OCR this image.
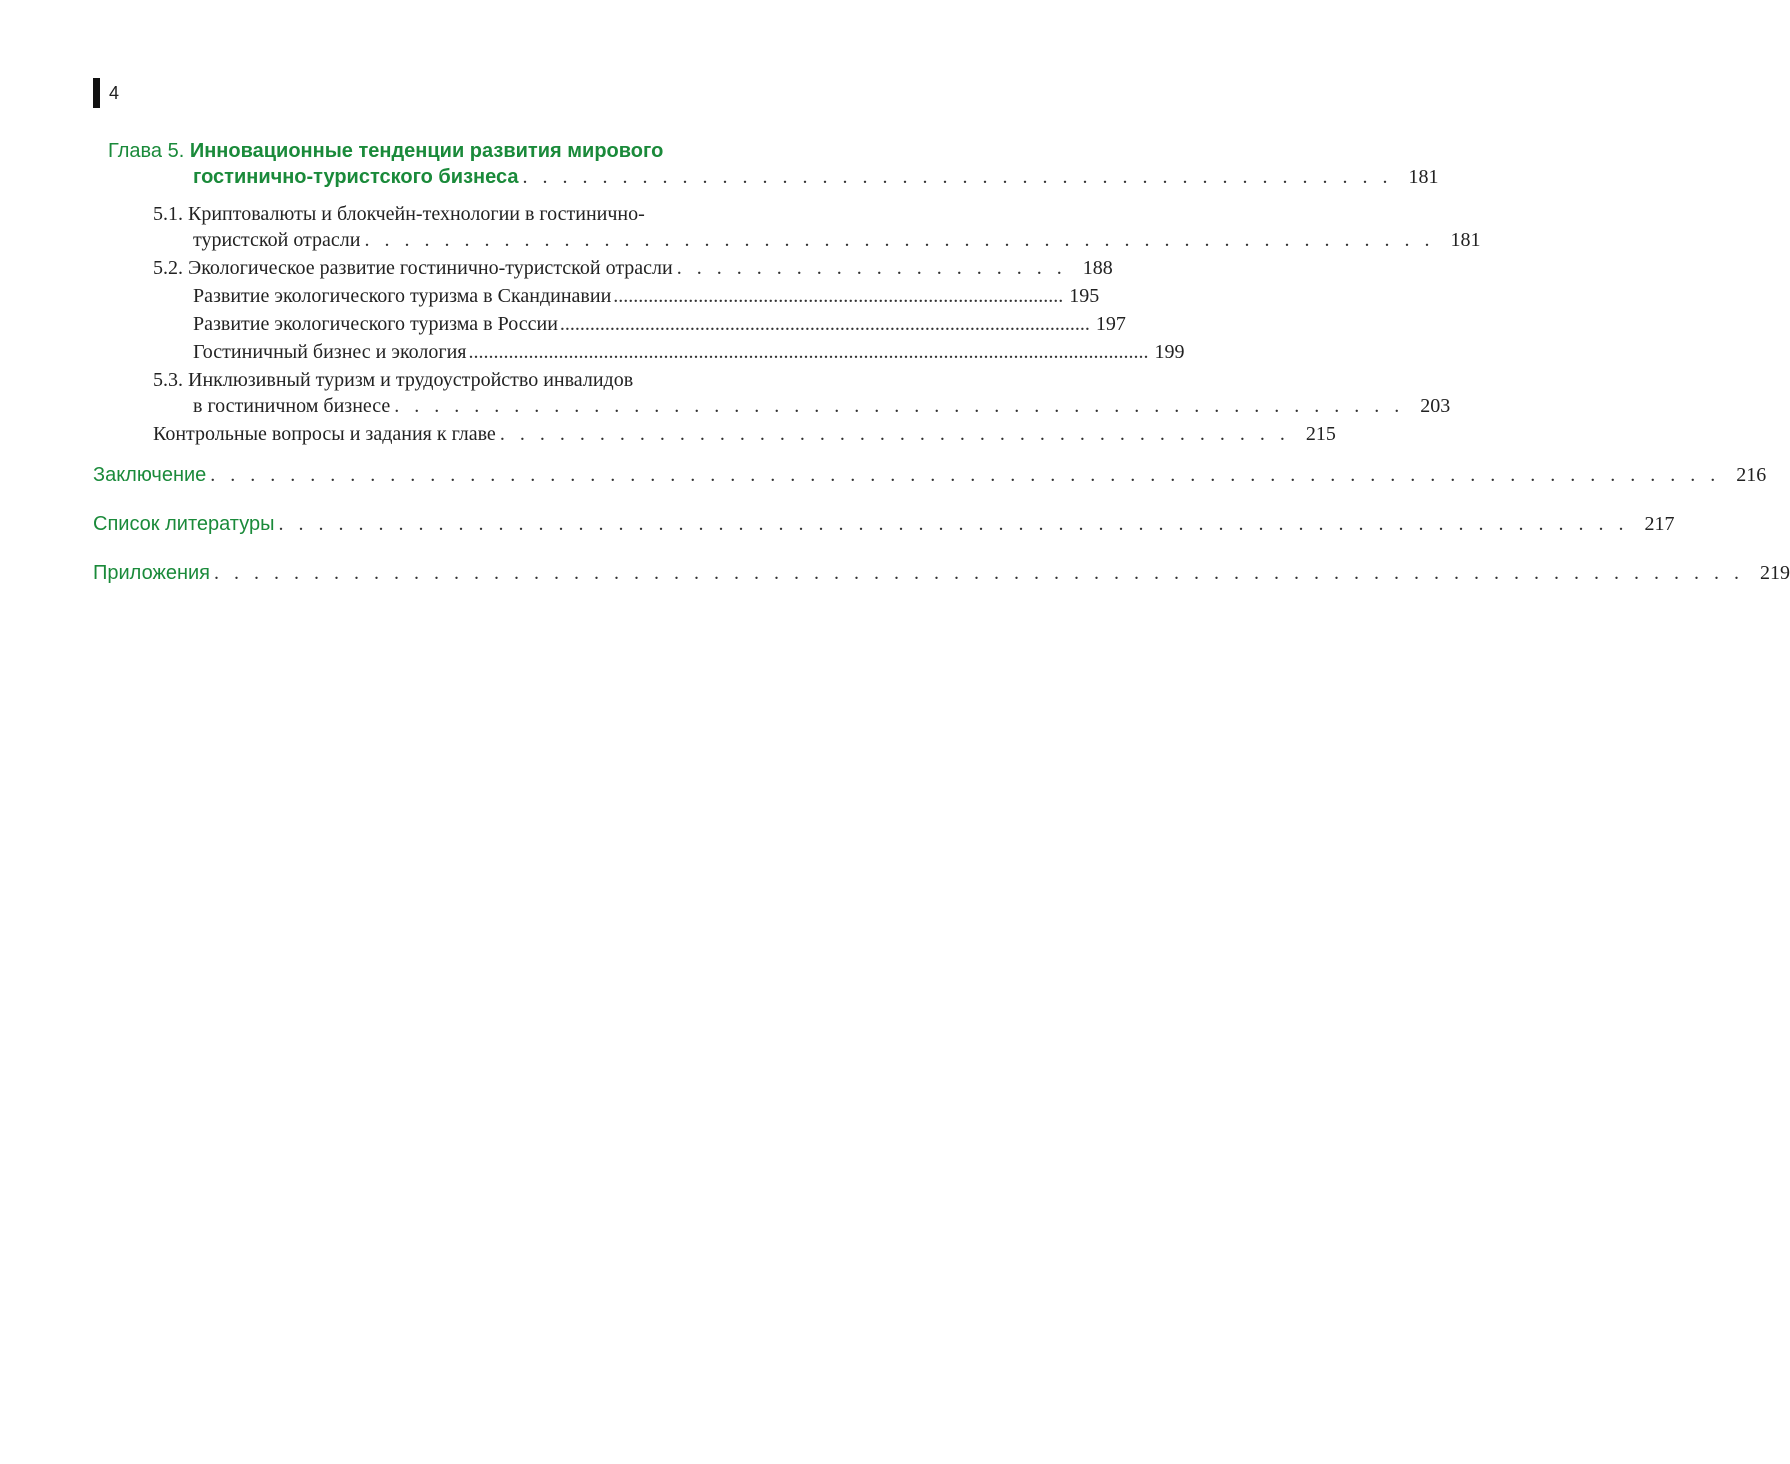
4
Глава 5. Инновационные тенденции развития мирового
гостинично-туристского бизнеса . . . . . . . . . . . . . . . . . . . . . . . . . . . . . . . . . . . . . . . . . . . . 181
5.1. Криптовалюты и блокчейн-технологии в гостинично-
туристской отрасли . . . . . . . . . . . . . . . . . . . . . . . . . . . . . . . . . . . . . . . . . . . . . . . . . . . . . . 181
5.2. Экологическое развитие гостинично-туристской отрасли . . . . . . . . . . . . . . . . . . . . 188
Развитие экологического туризма в Скандинавии .......................................................................................... 195
Развитие экологического туризма в России .......................................................................................................... 197
Гостиничный бизнес и экология ........................................................................................................................................ 199
5.3. Инклюзивный туризм и трудоустройство инвалидов
в гостиничном бизнесе . . . . . . . . . . . . . . . . . . . . . . . . . . . . . . . . . . . . . . . . . . . . . . . . . . . 203
Контрольные вопросы и задания к главе . . . . . . . . . . . . . . . . . . . . . . . . . . . . . . . . . . . . . . . . 215
Заключение . . . . . . . . . . . . . . . . . . . . . . . . . . . . . . . . . . . . . . . . . . . . . . . . . . . . . . . . . . . . . . . . . . . . . . . . . . . . 216
Список литературы . . . . . . . . . . . . . . . . . . . . . . . . . . . . . . . . . . . . . . . . . . . . . . . . . . . . . . . . . . . . . . . . . . . . 217
Приложения . . . . . . . . . . . . . . . . . . . . . . . . . . . . . . . . . . . . . . . . . . . . . . . . . . . . . . . . . . . . . . . . . . . . . . . . . . . . . 219
